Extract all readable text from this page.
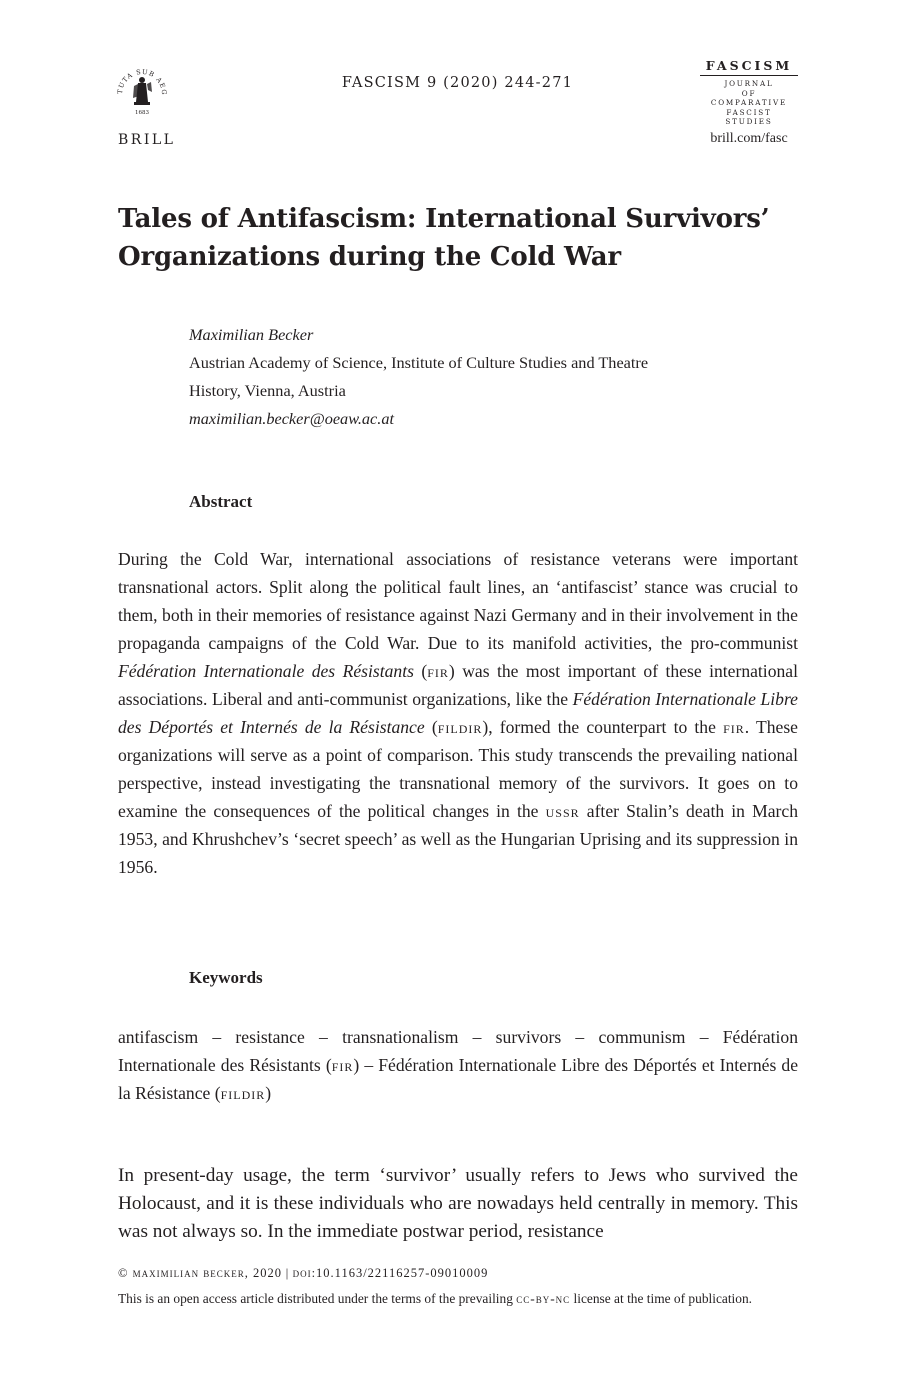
TUTA SUB AEG
1683
BRILL
FASCISM 9 (2020) 244-271
FASCISM
JOURNAL
OF
COMPARATIVE
FASCIST
STUDIES
brill.com/fasc
Tales of Antifascism: International Survivors’
Organizations during the Cold War
Maximilian Becker
Austrian Academy of Science, Institute of Culture Studies and Theatre
History, Vienna, Austria
maximilian.becker@oeaw.ac.at
Abstract
During the Cold War, international associations of resistance veterans were important transnational actors. Split along the political fault lines, an ‘antifascist’ stance was crucial to them, both in their memories of resistance against Nazi Germany and in their involvement in the propaganda campaigns of the Cold War. Due to its manifold activities, the pro-communist Fédération Internationale des Résistants (fir) was the most important of these international associations. Liberal and anti-communist organizations, like the Fédération Internationale Libre des Déportés et Internés de la Résistance (fildir), formed the counterpart to the fir. These organizations will serve as a point of comparison. This study transcends the prevailing national perspective, instead investigating the transnational memory of the survivors. It goes on to examine the consequences of the political changes in the ussr after Stalin’s death in March 1953, and Khrushchev’s ‘secret speech’ as well as the Hungarian Uprising and its suppression in 1956.
Keywords
antifascism – resistance – transnationalism – survivors – communism – Fédération Internationale des Résistants (fir) – Fédération Internationale Libre des Déportés et Internés de la Résistance (fildir)
In present-day usage, the term ‘survivor’ usually refers to Jews who survived the Holocaust, and it is these individuals who are nowadays held centrally in memory. This was not always so. In the immediate postwar period, resistance
© maximilian becker, 2020 | doi:10.1163/22116257-09010009
This is an open access article distributed under the terms of the prevailing cc-by-nc license at the time of publication.
